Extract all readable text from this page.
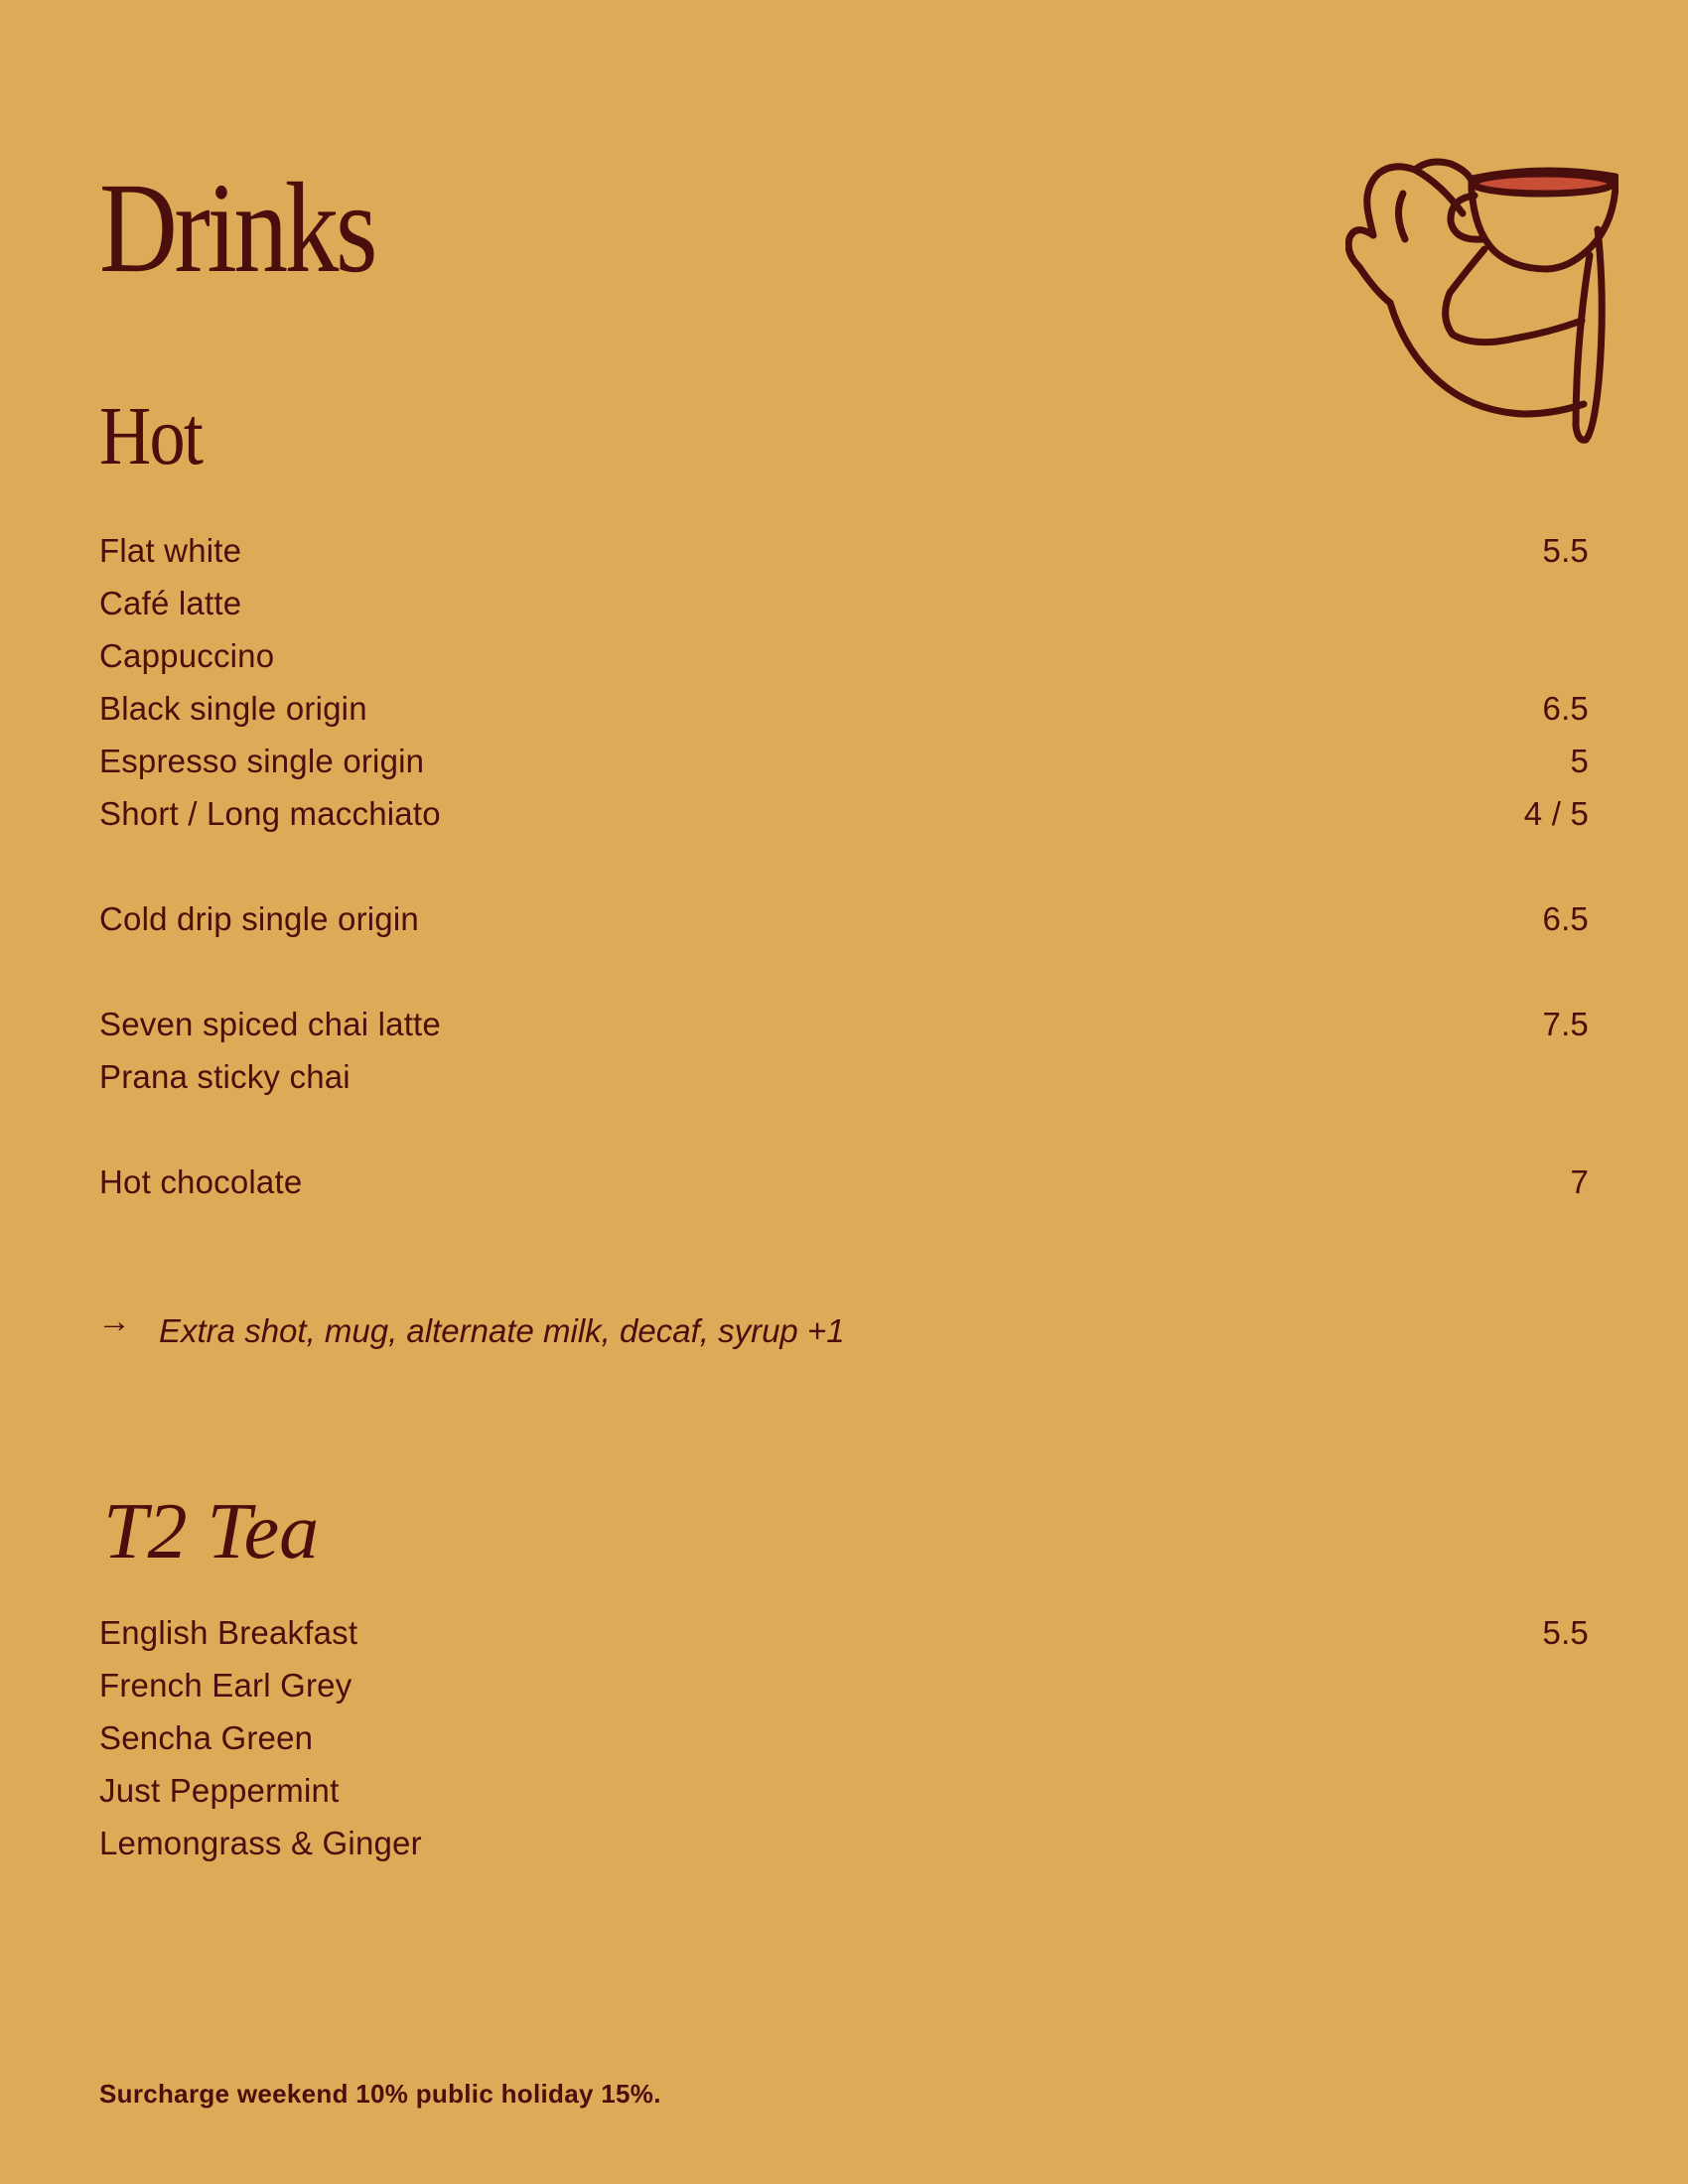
Drinks
Hot
Flat white	5.5
Café latte
Cappuccino
Black single origin	6.5
Espresso single origin	5
Short / Long macchiato	4 / 5
Cold drip single origin	6.5
Seven spiced chai latte	7.5
Prana sticky chai
Hot chocolate	7
→ Extra shot, mug, alternate milk, decaf, syrup +1
T2 Tea
English Breakfast	5.5
French Earl Grey
Sencha Green
Just Peppermint
Lemongrass & Ginger
Surcharge weekend 10% public holiday 15%.
